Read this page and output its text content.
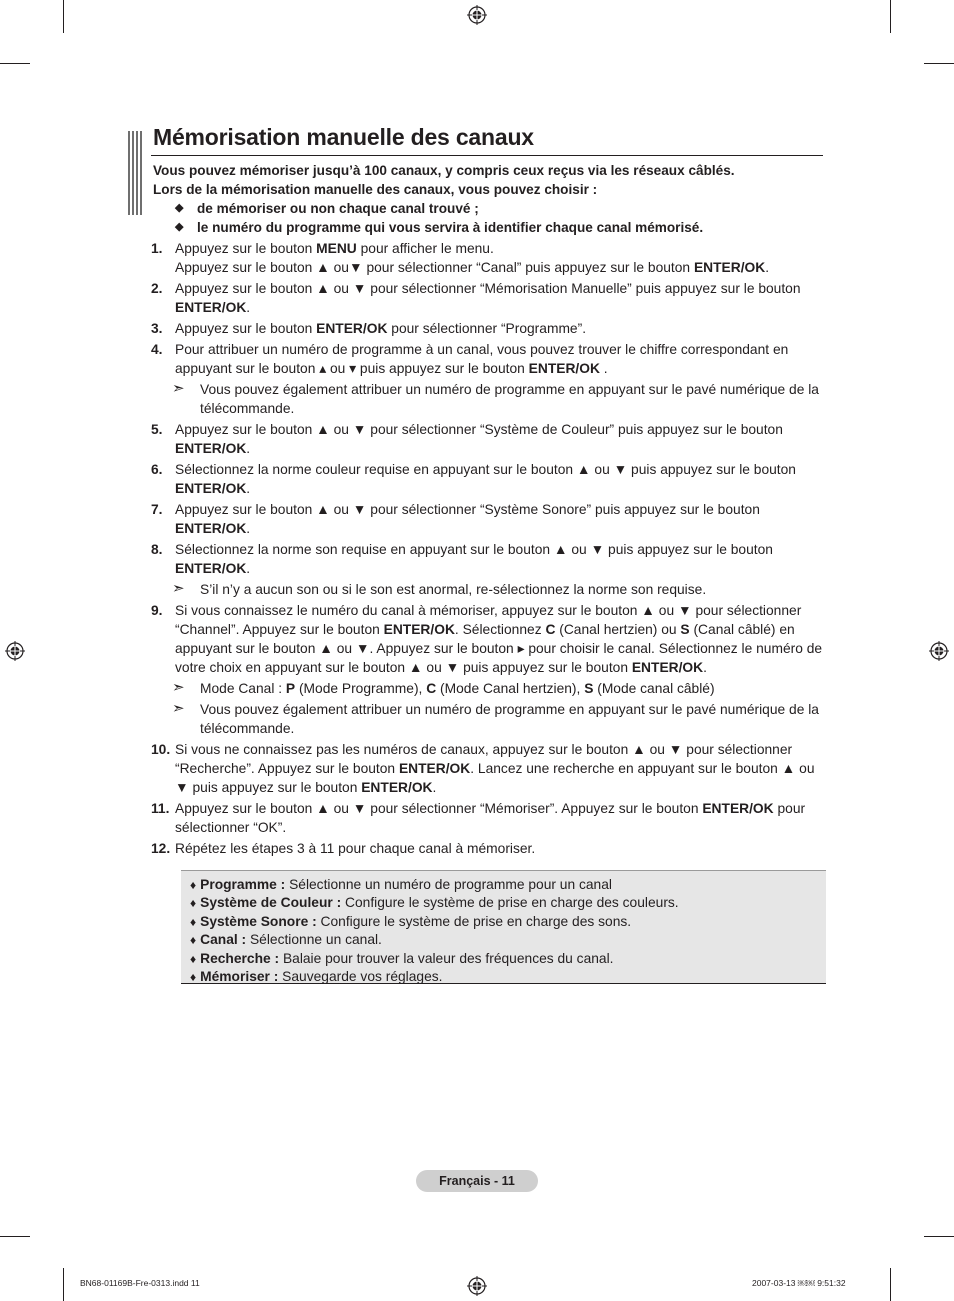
Mémorisation manuelle des canaux
Vous pouvez mémoriser jusqu’à 100 canaux, y compris ceux reçus via les réseaux câblés.
Lors de la mémorisation manuelle des canaux, vous pouvez choisir :
◆ de mémoriser ou non chaque canal trouvé ;
◆ le numéro du programme qui vous servira à identifier chaque canal mémorisé.
1. Appuyez sur le bouton MENU pour afficher le menu.
Appuyez sur le bouton ▲ ou▼ pour sélectionner “Canal” puis appuyez sur le bouton ENTER/OK.
2. Appuyez sur le bouton ▲ ou ▼ pour sélectionner “Mémorisation Manuelle” puis appuyez sur le bouton ENTER/OK.
3. Appuyez sur le bouton ENTER/OK pour sélectionner “Programme”.
4. Pour attribuer un numéro de programme à un canal, vous pouvez trouver le chiffre correspondant en appuyant sur le bouton ▴ ou ▾ puis appuyez sur le bouton ENTER/OK .
➣ Vous pouvez également attribuer un numéro de programme en appuyant sur le pavé numérique de la télécommande.
5. Appuyez sur le bouton ▲ ou ▼ pour sélectionner “Système de Couleur” puis appuyez sur le bouton ENTER/OK.
6. Sélectionnez la norme couleur requise en appuyant sur le bouton ▲ ou ▼ puis appuyez sur le bouton ENTER/OK.
7. Appuyez sur le bouton ▲ ou ▼ pour sélectionner “Système Sonore” puis appuyez sur le bouton ENTER/OK.
8. Sélectionnez la norme son requise en appuyant sur le bouton ▲ ou ▼ puis appuyez sur le bouton ENTER/OK.
➣ S’il n’y a aucun son ou si le son est anormal, re-sélectionnez la norme son requise.
9. Si vous connaissez le numéro du canal à mémoriser, appuyez sur le bouton ▲ ou ▼ pour sélectionner “Channel”. Appuyez sur le bouton ENTER/OK. Sélectionnez C (Canal hertzien) ou S (Canal câblé) en appuyant sur le bouton ▲ ou ▼. Appuyez sur le bouton ▸ pour choisir le canal. Sélectionnez le numéro de votre choix en appuyant sur le bouton ▲ ou ▼ puis appuyez sur le bouton ENTER/OK.
➣ Mode Canal : P (Mode Programme), C (Mode Canal hertzien), S (Mode canal câblé)
➣ Vous pouvez également attribuer un numéro de programme en appuyant sur le pavé numérique de la télécommande.
10. Si vous ne connaissez pas les numéros de canaux, appuyez sur le bouton ▲ ou ▼ pour sélectionner “Recherche”. Appuyez sur le bouton ENTER/OK. Lancez une recherche en appuyant sur le bouton ▲ ou ▼ puis appuyez sur le bouton ENTER/OK.
11. Appuyez sur le bouton ▲ ou ▼ pour sélectionner “Mémoriser”. Appuyez sur le bouton ENTER/OK pour sélectionner “OK”.
12. Répétez les étapes 3 à 11 pour chaque canal à mémoriser.
♦ Programme : Sélectionne un numéro de programme pour un canal
♦ Système de Couleur : Configure le système de prise en charge des couleurs.
♦ Système Sonore : Configure le système de prise en charge des sons.
♦ Canal : Sélectionne un canal.
♦ Recherche : Balaie pour trouver la valeur des fréquences du canal.
♦ Mémoriser : Sauvegarde vos réglages.
Français - 11
BN68-01169B-Fre-0313.indd 11	2007-03-13 ￼￼ 9:51:32
